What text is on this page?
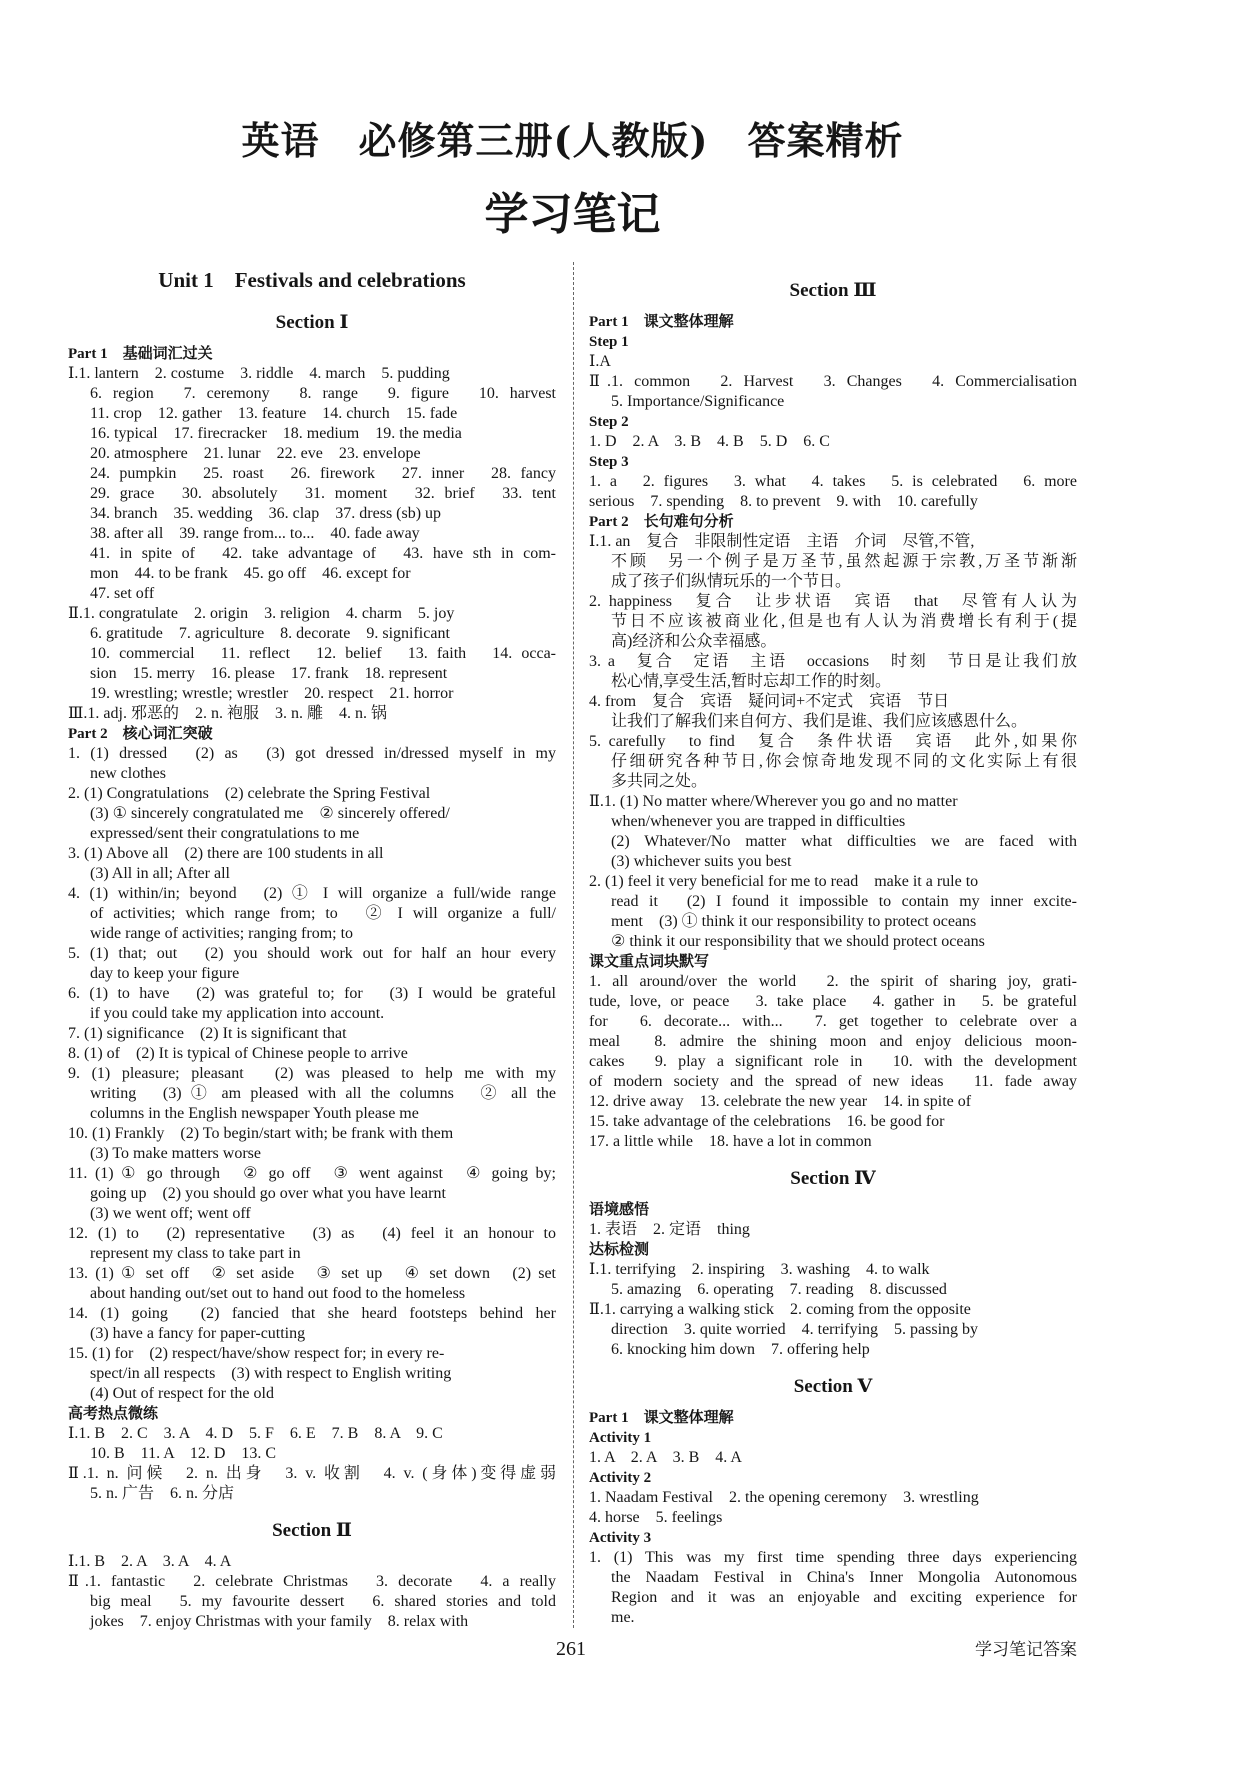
英语　必修第三册(人教版)　答案精析
学习笔记
Unit 1　Festivals and celebrations
Section Ⅰ
Part 1　基础词汇过关
Ⅰ.1. lantern　2. costume　3. riddle　4. march　5. pudding
6. region　7. ceremony　8. range　9. figure　10. harvest
11. crop　12. gather　13. feature　14. church　15. fade
16. typical　17. firecracker　18. medium　19. the media
20. atmosphere　21. lunar　22. eve　23. envelope
24. pumpkin　25. roast　26. firework　27. inner　28. fancy
29. grace　30. absolutely　31. moment　32. brief　33. tent
34. branch　35. wedding　36. clap　37. dress (sb) up
38. after all　39. range from... to...　40. fade away
41. in spite of　42. take advantage of　43. have sth in com-
mon　44. to be frank　45. go off　46. except for
47. set off
Ⅱ.1. congratulate　2. origin　3. religion　4. charm　5. joy
6. gratitude　7. agriculture　8. decorate　9. significant
10. commercial　11. reflect　12. belief　13. faith　14. occa-
sion　15. merry　16. please　17. frank　18. represent
19. wrestling; wrestle; wrestler　20. respect　21. horror
Ⅲ.1. adj. 邪恶的　2. n. 袍服　3. n. 雕　4. n. 锅
Part 2　核心词汇突破
1. (1) dressed　(2) as　(3) got dressed in/dressed myself in my
new clothes
2. (1) Congratulations　(2) celebrate the Spring Festival
(3) ① sincerely congratulated me　② sincerely offered/
expressed/sent their congratulations to me
3. (1) Above all　(2) there are 100 students in all
(3) All in all; After all
4. (1) within/in; beyond　(2) ① I will organize a full/wide range
of activities; which range from; to　② I will organize a full/
wide range of activities; ranging from; to
5. (1) that; out　(2) you should work out for half an hour every
day to keep your figure
6. (1) to have　(2) was grateful to; for　(3) I would be grateful
if you could take my application into account.
7. (1) significance　(2) It is significant that
8. (1) of　(2) It is typical of Chinese people to arrive
9. (1) pleasure; pleasant　(2) was pleased to help me with my
writing　(3) ① am pleased with all the columns　② all the
columns in the English newspaper Youth please me
10. (1) Frankly　(2) To begin/start with; be frank with them
(3) To make matters worse
11. (1) ① go through　② go off　③ went against　④ going by;
going up　(2) you should go over what you have learnt
(3) we went off; went off
12. (1) to　(2) representative　(3) as　(4) feel it an honour to
represent my class to take part in
13. (1) ① set off　② set aside　③ set up　④ set down　(2) set
about handing out/set out to hand out food to the homeless
14. (1) going　(2) fancied that she heard footsteps behind her
(3) have a fancy for paper-cutting
15. (1) for　(2) respect/have/show respect for; in every re-
spect/in all respects　(3) with respect to English writing
(4) Out of respect for the old
高考热点微练
Ⅰ.1. B　2. C　3. A　4. D　5. F　6. E　7. B　8. A　9. C
10. B　11. A　12. D　13. C
Ⅱ.1. n. 问候　2. n. 出身　3. v. 收割　4. v. (身体)变得虚弱
5. n. 广告　6. n. 分店
Section Ⅱ
Ⅰ.1. B　2. A　3. A　4. A
Ⅱ.1. fantastic　2. celebrate Christmas　3. decorate　4. a really
big meal　5. my favourite dessert　6. shared stories and told
jokes　7. enjoy Christmas with your family　8. relax with
Section Ⅲ
Part 1　课文整体理解
Step 1
Ⅰ.A
Ⅱ.1. common　2. Harvest　3. Changes　4. Commercialisation
5. Importance/Significance
Step 2
1. D　2. A　3. B　4. B　5. D　6. C
Step 3
1. a　2. figures　3. what　4. takes　5. is celebrated　6. more
serious　7. spending　8. to prevent　9. with　10. carefully
Part 2　长句难句分析
Ⅰ.1. an　复合　非限制性定语　主语　介词　尽管,不管,
不顾　另一个例子是万圣节,虽然起源于宗教,万圣节渐渐
成了孩子们纵情玩乐的一个节日。
2. happiness　复合　让步状语　宾语　that　尽管有人认为
节日不应该被商业化,但是也有人认为消费增长有利于(提
高)经济和公众幸福感。
3. a　复合　定语　主语　occasions　时刻　节日是让我们放
松心情,享受生活,暂时忘却工作的时刻。
4. from　复合　宾语　疑问词+不定式　宾语　节日
让我们了解我们来自何方、我们是谁、我们应该感恩什么。
5. carefully　to find　复合　条件状语　宾语　此外,如果你
仔细研究各种节日,你会惊奇地发现不同的文化实际上有很
多共同之处。
Ⅱ.1. (1) No matter where/Wherever you go and no matter
when/whenever you are trapped in difficulties
(2) Whatever/No matter what difficulties we are faced with
(3) whichever suits you best
2. (1) feel it very beneficial for me to read　make it a rule to
read it　(2) I found it impossible to contain my inner excite-
ment　(3) ① think it our responsibility to protect oceans
② think it our responsibility that we should protect oceans
课文重点词块默写
1. all around/over the world　2. the spirit of sharing joy, grati-
tude, love, or peace　3. take place　4. gather in　5. be grateful
for　6. decorate... with...　7. get together to celebrate over a
meal　8. admire the shining moon and enjoy delicious moon-
cakes　9. play a significant role in　10. with the development
of modern society and the spread of new ideas　11. fade away
12. drive away　13. celebrate the new year　14. in spite of
15. take advantage of the celebrations　16. be good for
17. a little while　18. have a lot in common
Section Ⅳ
语境感悟
1. 表语　2. 定语　thing
达标检测
Ⅰ.1. terrifying　2. inspiring　3. washing　4. to walk
5. amazing　6. operating　7. reading　8. discussed
Ⅱ.1. carrying a walking stick　2. coming from the opposite
direction　3. quite worried　4. terrifying　5. passing by
6. knocking him down　7. offering help
Section Ⅴ
Part 1　课文整体理解
Activity 1
1. A　2. A　3. B　4. A
Activity 2
1. Naadam Festival　2. the opening ceremony　3. wrestling
4. horse　5. feelings
Activity 3
1. (1) This was my first time spending three days experiencing
the Naadam Festival in China's Inner Mongolia Autonomous
Region and it was an enjoyable and exciting experience for
me.
261	学习笔记答案
